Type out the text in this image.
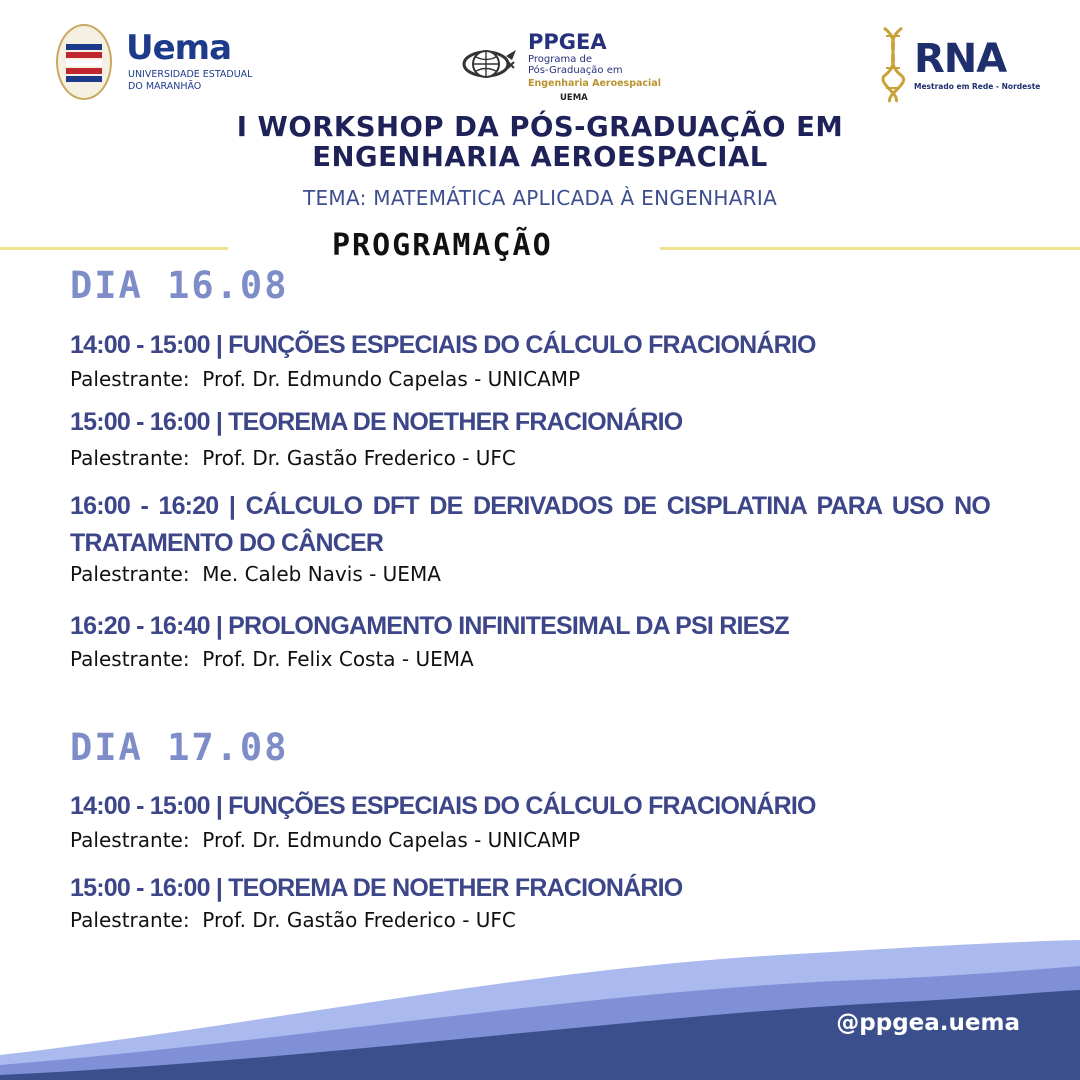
Uema
UNIVERSIDADE ESTADUAL
DO MARANHÃO
PPGEA
Programa de
Pós-Graduação em
Engenharia Aeroespacial
UEMA
RNA
Mestrado em Rede - Nordeste
I WORKSHOP DA PÓS-GRADUAÇÃO EM
ENGENHARIA AEROESPACIAL
TEMA: MATEMÁTICA APLICADA À ENGENHARIA
PROGRAMAÇÃO
DIA 16.08
14:00 - 15:00 | FUNÇÕES ESPECIAIS DO CÁLCULO FRACIONÁRIO
Palestrante:  Prof. Dr. Edmundo Capelas - UNICAMP
15:00 - 16:00 | TEOREMA DE NOETHER FRACIONÁRIO
Palestrante:  Prof. Dr. Gastão Frederico - UFC
16:00 - 16:20 | CÁLCULO DFT DE DERIVADOS DE CISPLATINA PARA USO NO TRATAMENTO DO CÂNCER
Palestrante:  Me. Caleb Navis - UEMA
16:20 - 16:40 | PROLONGAMENTO INFINITESIMAL DA PSI RIESZ
Palestrante:  Prof. Dr. Felix Costa - UEMA
DIA 17.08
14:00 - 15:00 | FUNÇÕES ESPECIAIS DO CÁLCULO FRACIONÁRIO
Palestrante:  Prof. Dr. Edmundo Capelas - UNICAMP
15:00 - 16:00 | TEOREMA DE NOETHER FRACIONÁRIO
Palestrante:  Prof. Dr. Gastão Frederico - UFC
@ppgea.uema
